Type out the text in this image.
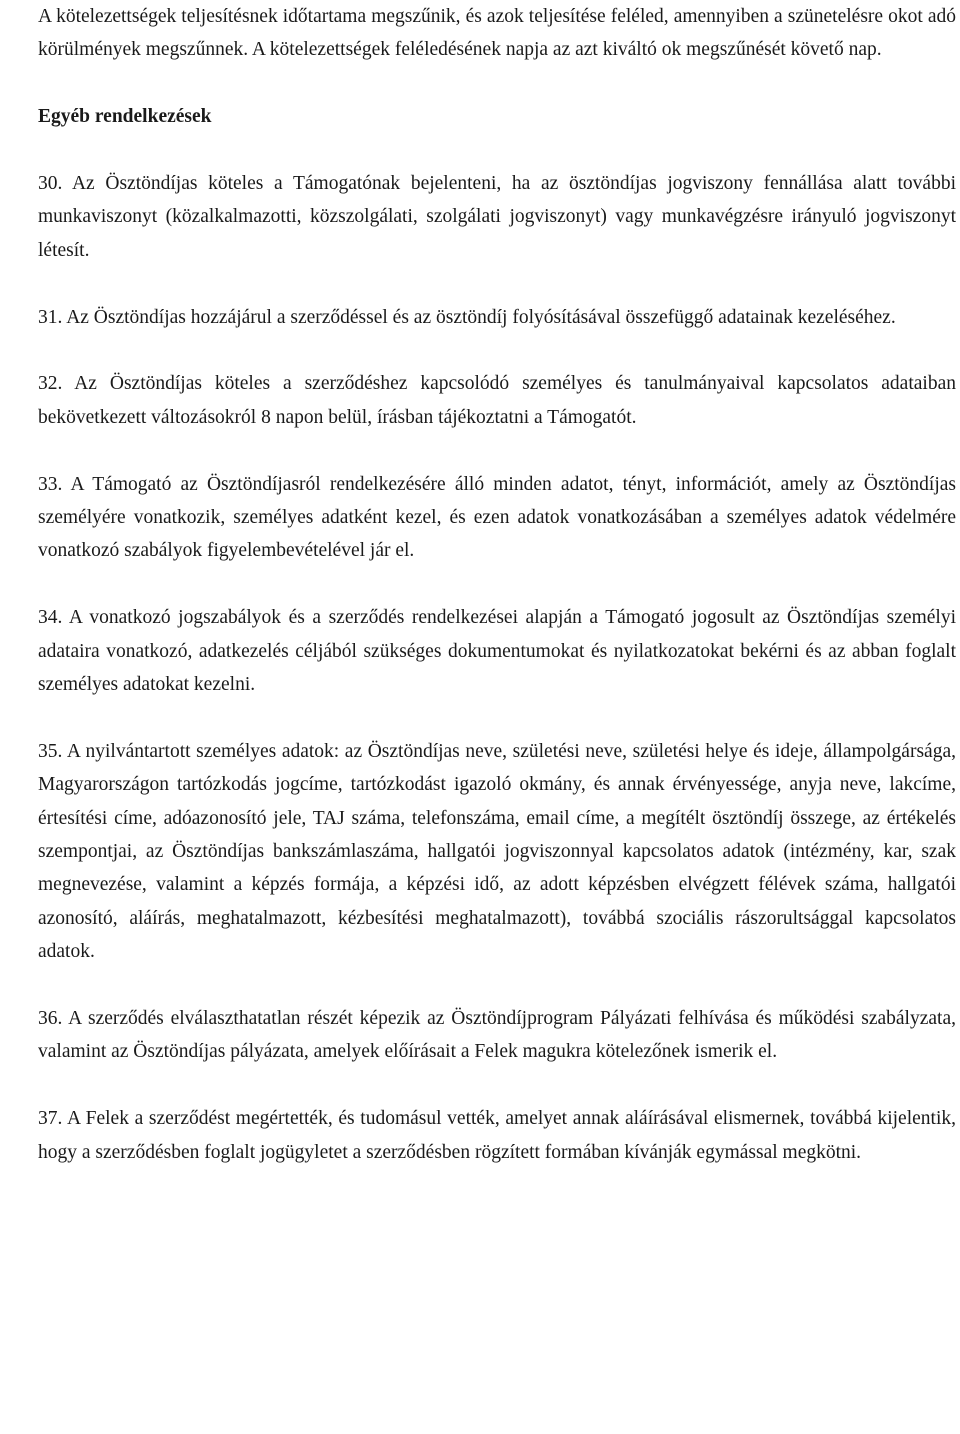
A kötelezettségek teljesítésnek időtartama megszűnik, és azok teljesítése feléled, amennyiben a szünetelésre okot adó körülmények megszűnnek. A kötelezettségek feléledésének napja az azt kiváltó ok megszűnését követő nap.

Egyéb rendelkezések

30. Az Ösztöndíjas köteles a Támogatónak bejelenteni, ha az ösztöndíjas jogviszony fennállása alatt további munkaviszonyt (közalkalmazotti, közszolgálati, szolgálati jogviszonyt) vagy munkavégzésre irányuló jogviszonyt létesít.

31. Az Ösztöndíjas hozzájárul a szerződéssel és az ösztöndíj folyósításával összefüggő adatainak kezeléséhez.

32. Az Ösztöndíjas köteles a szerződéshez kapcsolódó személyes és tanulmányaival kapcsolatos adataiban bekövetkezett változásokról 8 napon belül, írásban tájékoztatni a Támogatót.

33. A Támogató az Ösztöndíjasról rendelkezésére álló minden adatot, tényt, információt, amely az Ösztöndíjas személyére vonatkozik, személyes adatként kezel, és ezen adatok vonatkozásában a személyes adatok védelmére vonatkozó szabályok figyelembevételével jár el.

34. A vonatkozó jogszabályok és a szerződés rendelkezései alapján a Támogató jogosult az Ösztöndíjas személyi adataira vonatkozó, adatkezelés céljából szükséges dokumentumokat és nyilatkozatokat bekérni és az abban foglalt személyes adatokat kezelni.

35. A nyilvántartott személyes adatok: az Ösztöndíjas neve, születési neve, születési helye és ideje, állampolgársága, Magyarországon tartózkodás jogcíme, tartózkodást igazoló okmány, és annak érvényessége, anyja neve, lakcíme, értesítési címe, adóazonosító jele, TAJ száma, telefonszáma, email címe, a megítélt ösztöndíj összege, az értékelés szempontjai, az Ösztöndíjas bankszámlaszáma, hallgatói jogviszonnyal kapcsolatos adatok (intézmény, kar, szak megnevezése, valamint a képzés formája, a képzési idő, az adott képzésben elvégzett félévek száma, hallgatói azonosító, aláírás, meghatalmazott, kézbesítési meghatalmazott), továbbá szociális rászorultsággal kapcsolatos adatok.

36. A szerződés elválaszthatatlan részét képezik az Ösztöndíjprogram Pályázati felhívása és működési szabályzata, valamint az Ösztöndíjas pályázata, amelyek előírásait a Felek magukra kötelezőnek ismerik el.

37. A Felek a szerződést megértették, és tudomásul vették, amelyet annak aláírásával elismernek, továbbá kijelentik, hogy a szerződésben foglalt jogügyletet a szerződésben rögzített formában kívánják egymással megkötni.
